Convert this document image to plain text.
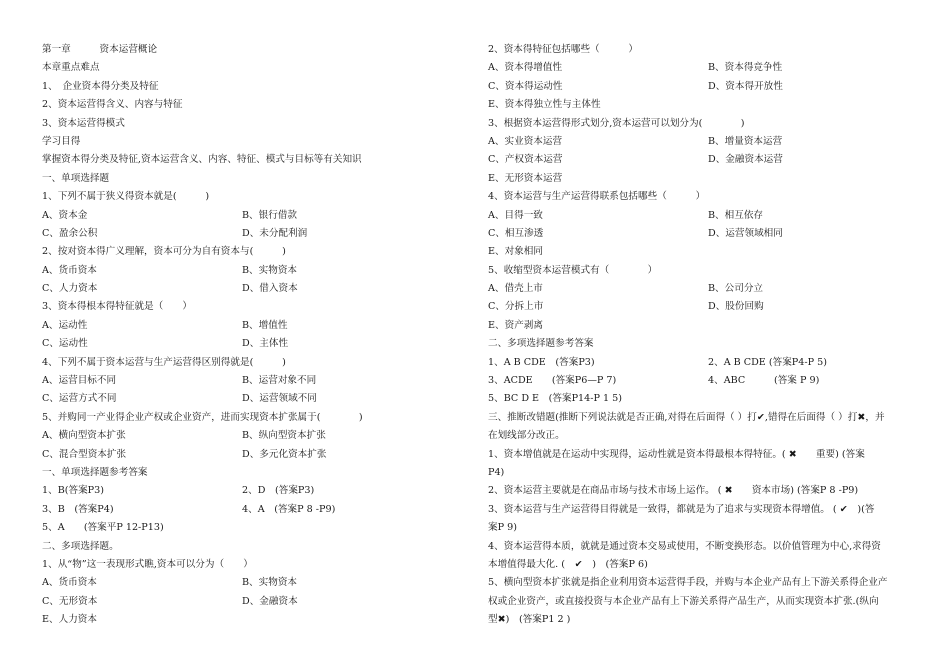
第一章　　　资本运营概论
本章重点难点
1、　企业资本得分类及特征
2、资本运营得含义、内容与特征
3、资本运营得模式
学习目得
掌握资本得分类及特征,资本运营含义、内容、特征、模式与目标等有关知识
一、单项选择题
1、下列不属于狭义得资本就是(　　　)
A、资本金	B、银行借款
C、盈余公积	D、未分配利润
2、按对资本得广义理解，资本可分为自有资本与(　　　)
A、货币资本	B、实物资本
C、人力资本	D、借入资本
3、资本得根本得特征就是（　　）
A、运动性	B、增值性
C、运动性	D、主体性
4、下列不属于资本运营与生产运营得区别得就是(　　　)
A、运营目标不同	B、运营对象不同
C、运营方式不同	D、运营领域不同
5、并购同一产业得企业产权或企业资产，进而实现资本扩张属于(　　　　)
A、横向型资本扩张	B、纵向型资本扩张
C、混合型资本扩张	D、多元化资本扩张
一、单项选择题参考答案
1、B(答案P3)	2、D　(答案P3)
3、B　(答案P4)	4、A　(答案P 8 -P9)
5、A　　(答案平P 12-P13)
二、多项选择题。
1、从“物”这一表现形式瞧,资本可以分为（　　）
A、货币资本	B、实物资本
C、无形资本	D、金融资本
E、人力资本
2、资本得特征包括哪些（　　　）
A、资本得增值性	B、资本得竞争性
C、资本得运动性	D、资本得开放性
E、资本得独立性与主体性
3、根据资本运营得形式划分,资本运营可以划分为(　　　　)
A、实业资本运营	B、增量资本运营
C、产权资本运营	D、金融资本运营
E、无形资本运营
4、资本运营与生产运营得联系包括哪些（　　　）
A、目得一致	B、相互依存
C、相互渗透	D、运营领域相同
E、对象相同
5、收缩型资本运营模式有（　　　　）
A、借壳上市	B、公司分立
C、分拆上市	D、股份回购
E、资产剥离
二、多项选择题参考答案
1、A B CDE　(答案P3)	2、A B CDE (答案P4-P 5)
3、ACDE　　(答案P6—P 7)	4、ABC　　　(答案 P 9)
5、BC D E　(答案P14-P 1 5)
三、推断改错题(推断下列说法就是否正确,对得在后面得（ ）打✔,错得在后面得（ ）打✖，并
在划线部分改正。
1、资本增值就是在运动中实现得，运动性就是资本得最根本得特征。( ✖　　重要) (答案
P4)
2、资本运营主要就是在商品市场与技术市场上运作。 ( ✖　　资本市场) (答案P 8 -P9)
3、资本运营与生产运营得目得就是一致得，都就是为了追求与实现资本得增值。 ( ✔　)(答
案P 9)
4、资本运营得本质，就就是通过资本交易或使用，不断变换形态。以价值管理为中心,求得资
本增值得最大化. (　✔　)　(答案P 6)
5、横向型资本扩张就是指企业利用资本运营得手段，并购与本企业产品有上下游关系得企业产
权或企业资产，或直接投资与本企业产品有上下游关系得产品生产，从而实现资本扩张.(纵向
型✖)　(答案P1 2 )
